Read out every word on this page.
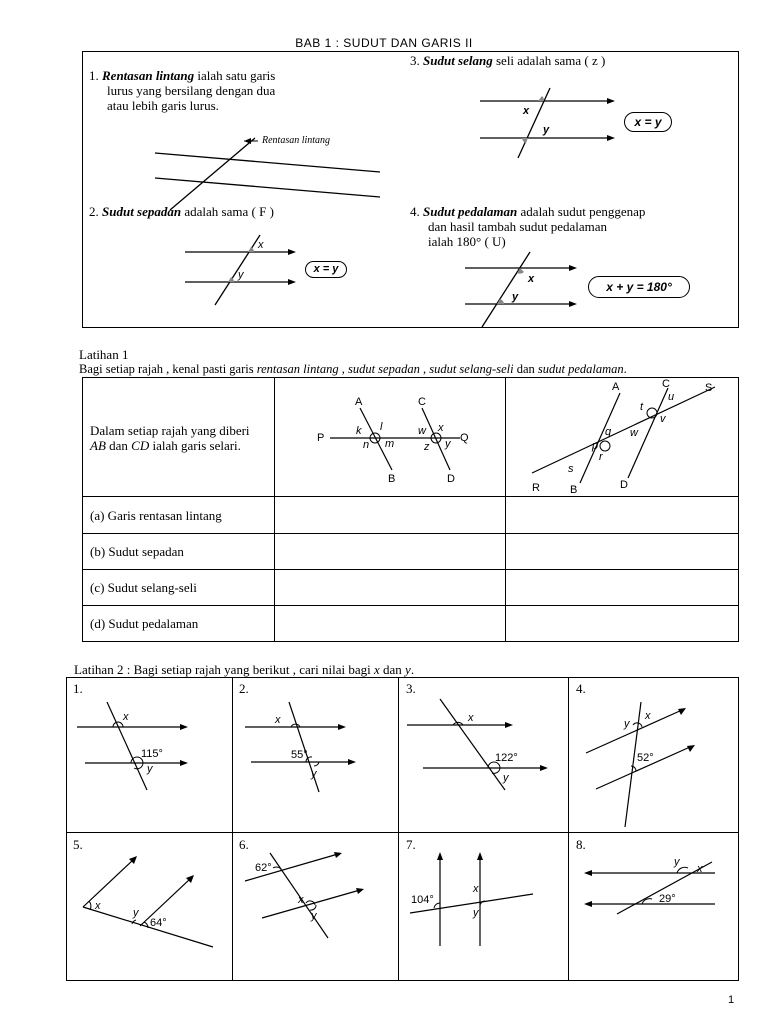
BAB 1 : SUDUT DAN GARIS II
1. Rentasan lintang ialah satu garis
lurus yang bersilang dengan dua
atau lebih garis lurus.
Rentasan lintang
2. Sudut sepadan adalah sama ( F )
x
y	x = y
3. Sudut selang seli adalah sama ( z )
x
y
x = y
4. Sudut pedalaman adalah sudut penggenap
dan hasil tambah sudut pedalaman
ialah 180° ( U)
x
y
x + y = 180°
Latihan 1
Bagi setiap rajah , kenal pasti garis rentasan lintang , sudut sepadan , sudut selang-seli dan sudut pedalaman.
Dalam setiap rajah yang diberi
AB dan CD ialah garis selari.
(a) Garis rentasan lintang
(b) Sudut sepadan
(c) Sudut selang-seli
(d) Sudut pedalaman
A	C
P	Q
B	D
k l
n m
w x
z y
A	C	S
R	B	D
t
u
v
w
q
p
r
s
Latihan 2 : Bagi setiap rajah yang berikut , cari nilai bagi x dan y.
1.	2.	3.	4.
5.	6.	7.	8.
x
y
115°
x
y
55°
x
y
122°
y
x
52°
x
y
64°
x
y
62°
x
y
104°
y
x
29°
1
